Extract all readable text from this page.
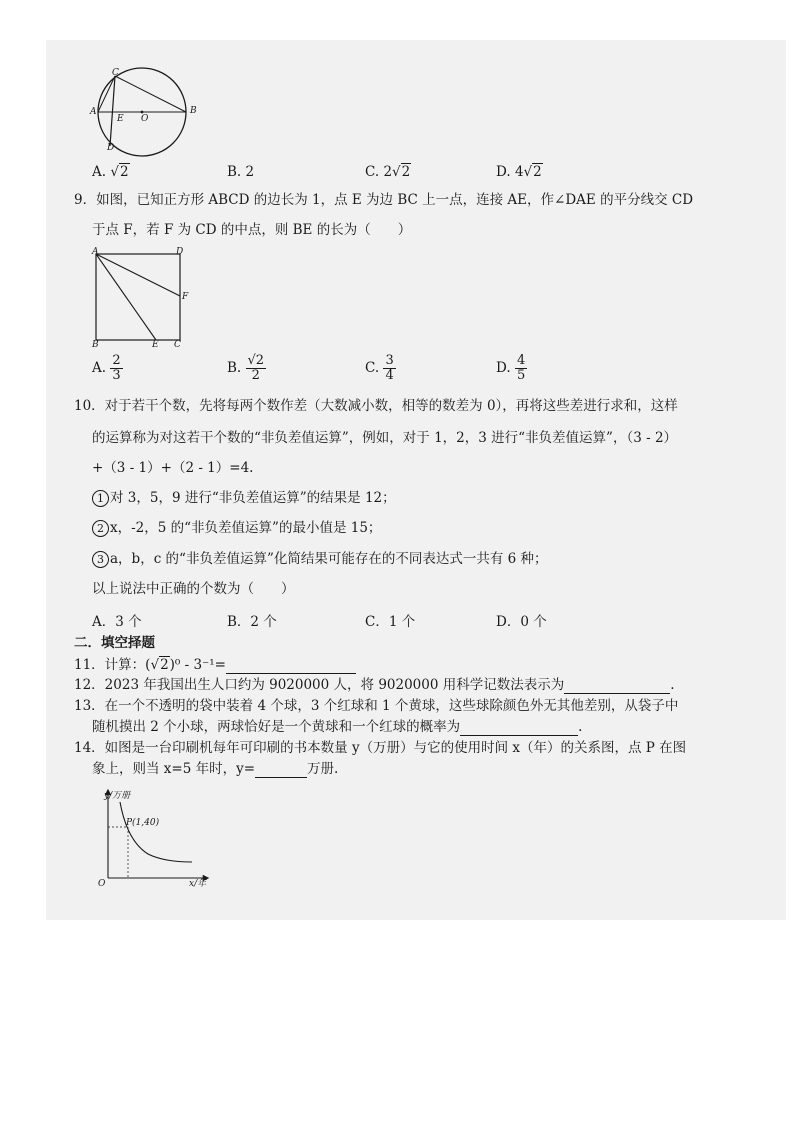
C
A
E O
B
D
A. √2	B. 2	C. 2√2	D. 4√2
9．如图，已知正方形 ABCD 的边长为 1，点 E 为边 BC 上一点，连接 AE，作∠DAE 的平分线交 CD
于点 F，若 F 为 CD 的中点，则 BE 的长为（　　）
A	D
F
B	E C
A. $\frac{2}{3}$	B. $\frac{√2}{2}$	C. $\frac{3}{4}$	D. $\frac{4}{5}$
10．对于若干个数，先将每两个数作差（大数减小数，相等的数差为 0），再将这些差进行求和，这样
的运算称为对这若干个数的“非负差值运算”，例如，对于 1，2，3 进行“非负差值运算”，（3 - 2）
+（3 - 1）+（2 - 1）=4.
1 对 3，5，9 进行“非负差值运算”的结果是 12；
2 x，-2，5 的“非负差值运算”的最小值是 15；
3 a，b，c 的“非负差值运算”化简结果可能存在的不同表达式一共有 6 种；
以上说法中正确的个数为（　　）
A．3 个	B．2 个	C．1 个	D．0 个
二．填空择题
11．计算：(√2)⁰ - 3⁻¹=
12．2023 年我国出生人口约为 9020000 人，将 9020000 用科学记数法表示为	.
13．在一个不透明的袋中装着 4 个球，3 个红球和 1 个黄球，这些球除颜色外无其他差别，从袋子中
随机摸出 2 个小球，两球恰好是一个黄球和一个红球的概率为	.
14．如图是一台印刷机每年可印刷的书本数量 y（万册）与它的使用时间 x（年）的关系图，点 P 在图
象上，则当 x=5 年时，y=	万册.
y/万册
x/年
O
P(1,40)
